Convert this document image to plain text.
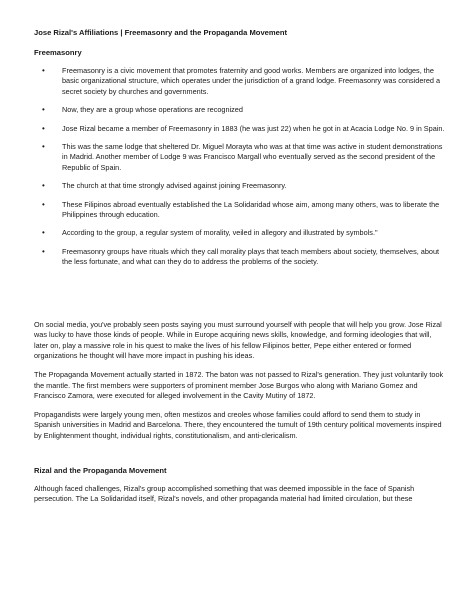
Jose Rizal's Affiliations | Freemasonry and the Propaganda Movement
Freemasonry
• Freemasonry is a civic movement that promotes fraternity and good works. Members are organized into lodges, the basic organizational structure, which operates under the jurisdiction of a grand lodge. Freemasonry was considered a secret society by churches and governments.
• Now, they are a group whose operations are recognized
• Jose Rizal became a member of Freemasonry in 1883 (he was just 22) when he got in at Acacia Lodge No. 9 in Spain.
• This was the same lodge that sheltered Dr. Miguel Morayta who was at that time was active in student demonstrations in Madrid. Another member of Lodge 9 was Francisco Margall who eventually served as the second president of the Republic of Spain.
• The church at that time strongly advised against joining Freemasonry.
• These Filipinos abroad eventually established the La Solidaridad whose aim, among many others, was to liberate the Philippines through education.
• According to the group, a regular system of morality, veiled in allegory and illustrated by symbols."
• Freemasonry groups have rituals which they call morality plays that teach members about society, themselves, about the less fortunate, and what can they do to address the problems of the society.

On social media, you've probably seen posts saying you must surround yourself with people that will help you grow. Jose Rizal was lucky to have those kinds of people. While in Europe acquiring news skills, knowledge, and forming ideologies that will, later on, play a massive role in his quest to make the lives of his fellow Filipinos better, Pepe either entered or formed organizations he thought will have more impact in pushing his ideas.

The Propaganda Movement actually started in 1872. The baton was not passed to Rizal's generation. They just voluntarily took the mantle. The first members were supporters of prominent member Jose Burgos who along with Mariano Gomez and Francisco Zamora, were executed for alleged involvement in the Cavity Mutiny of 1872.

Propagandists were largely young men, often mestizos and creoles whose families could afford to send them to study in Spanish universities in Madrid and Barcelona. There, they encountered the tumult of 19th century political movements inspired by Enlightenment thought, individual rights, constitutionalism, and anti-clericalism.

Rizal and the Propaganda Movement

Although faced challenges, Rizal's group accomplished something that was deemed impossible in the face of Spanish persecution. The La Solidaridad itself, Rizal's novels, and other propaganda material had limited circulation, but these
